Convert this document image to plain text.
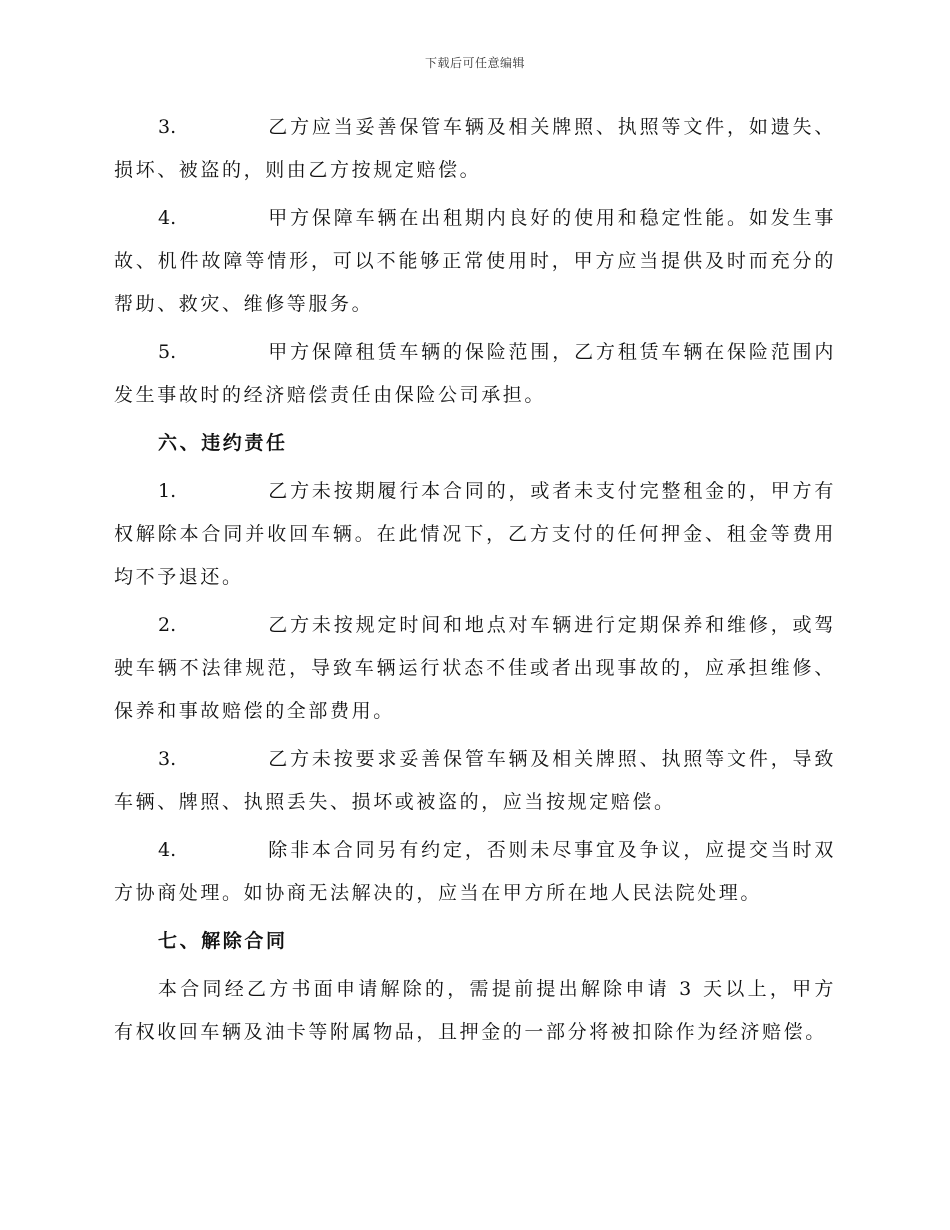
下载后可任意编辑

3.	乙方应当妥善保管车辆及相关牌照、执照等文件，如遗失、损坏、被盗的，则由乙方按规定赔偿。

4.	甲方保障车辆在出租期内良好的使用和稳定性能。如发生事故、机件故障等情形，可以不能够正常使用时，甲方应当提供及时而充分的帮助、救灾、维修等服务。

5.	甲方保障租赁车辆的保险范围，乙方租赁车辆在保险范围内发生事故时的经济赔偿责任由保险公司承担。

六、违约责任

1.	乙方未按期履行本合同的，或者未支付完整租金的，甲方有权解除本合同并收回车辆。在此情况下，乙方支付的任何押金、租金等费用均不予退还。

2.	乙方未按规定时间和地点对车辆进行定期保养和维修，或驾驶车辆不法律规范，导致车辆运行状态不佳或者出现事故的，应承担维修、保养和事故赔偿的全部费用。

3.	乙方未按要求妥善保管车辆及相关牌照、执照等文件，导致车辆、牌照、执照丢失、损坏或被盗的，应当按规定赔偿。

4.	除非本合同另有约定，否则未尽事宜及争议，应提交当时双方协商处理。如协商无法解决的，应当在甲方所在地人民法院处理。

七、解除合同

本合同经乙方书面申请解除的，需提前提出解除申请 3 天以上，甲方有权收回车辆及油卡等附属物品，且押金的一部分将被扣除作为经济赔偿。
